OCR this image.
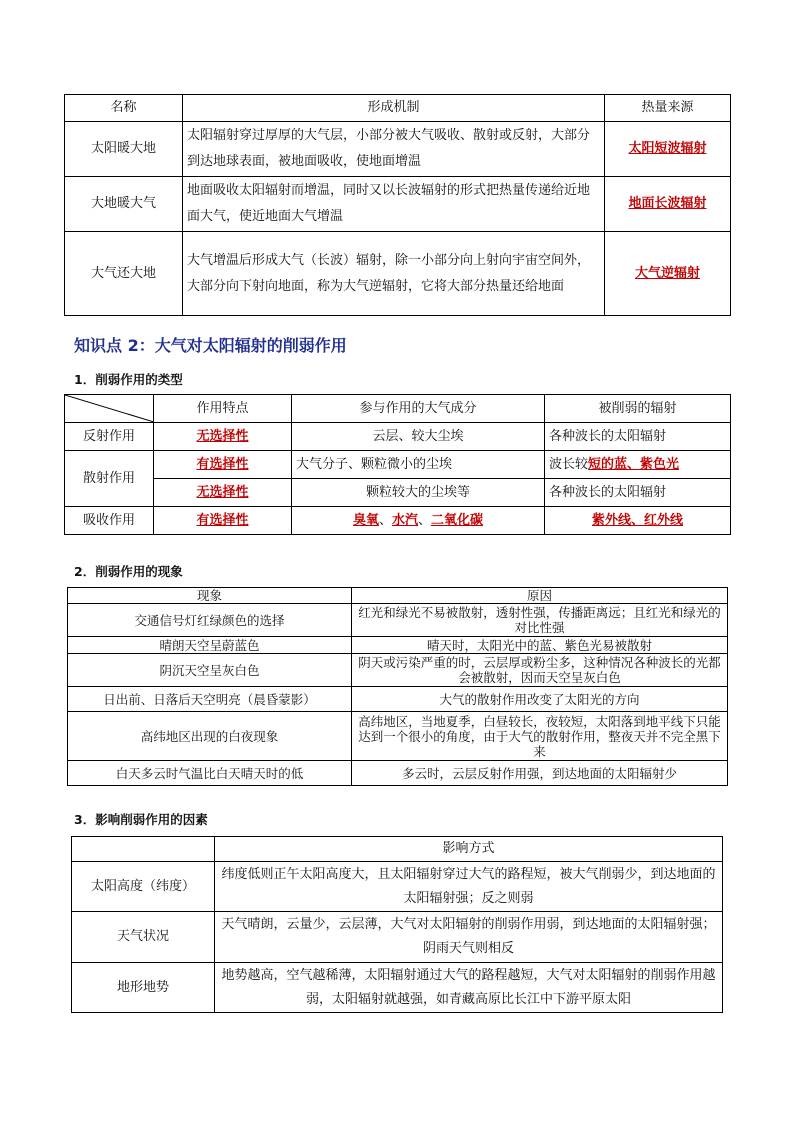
名称	形成机制	热量来源
太阳暖大地	太阳辐射穿过厚厚的大气层，小部分被大气吸收、散射或反射，大部分到达地球表面，被地面吸收，使地面增温	太阳短波辐射
大地暖大气	地面吸收太阳辐射而增温，同时又以长波辐射的形式把热量传递给近地面大气，使近地面大气增温	地面长波辐射
大气还大地	大气增温后形成大气（长波）辐射，除一小部分向上射向宇宙空间外，大部分向下射向地面，称为大气逆辐射，它将大部分热量还给地面	大气逆辐射
知识点 2：大气对太阳辐射的削弱作用
1．削弱作用的类型
	作用特点	参与作用的大气成分	被削弱的辐射
反射作用	无选择性	云层、较大尘埃	各种波长的太阳辐射
散射作用	有选择性	大气分子、颗粒微小的尘埃	波长较短的蓝、紫色光
	无选择性	颗粒较大的尘埃等	各种波长的太阳辐射
吸收作用	有选择性	臭氧、水汽、二氧化碳	紫外线、红外线
2．削弱作用的现象
现象	原因
交通信号灯红绿颜色的选择	红光和绿光不易被散射，透射性强，传播距离远；且红光和绿光的对比性强
晴朗天空呈蔚蓝色	晴天时，太阳光中的蓝、紫色光易被散射
阴沉天空呈灰白色	阴天或污染严重的时，云层厚或粉尘多，这种情况各种波长的光都会被散射，因而天空呈灰白色
日出前、日落后天空明亮（晨昏蒙影）	大气的散射作用改变了太阳光的方向
高纬地区出现的白夜现象	高纬地区，当地夏季，白昼较长，夜较短，太阳落到地平线下只能达到一个很小的角度，由于大气的散射作用，整夜天并不完全黑下来
白天多云时气温比白天晴天时的低	多云时，云层反射作用强，到达地面的太阳辐射少
3．影响削弱作用的因素
	影响方式
太阳高度（纬度）	纬度低则正午太阳高度大，且太阳辐射穿过大气的路程短，被大气削弱少，到达地面的太阳辐射强；反之则弱
天气状况	天气晴朗，云量少，云层薄，大气对太阳辐射的削弱作用弱，到达地面的太阳辐射强；阴雨天气则相反
地形地势	地势越高，空气越稀薄，太阳辐射通过大气的路程越短，大气对太阳辐射的削弱作用越弱，太阳辐射就越强，如青藏高原比长江中下游平原太阳
